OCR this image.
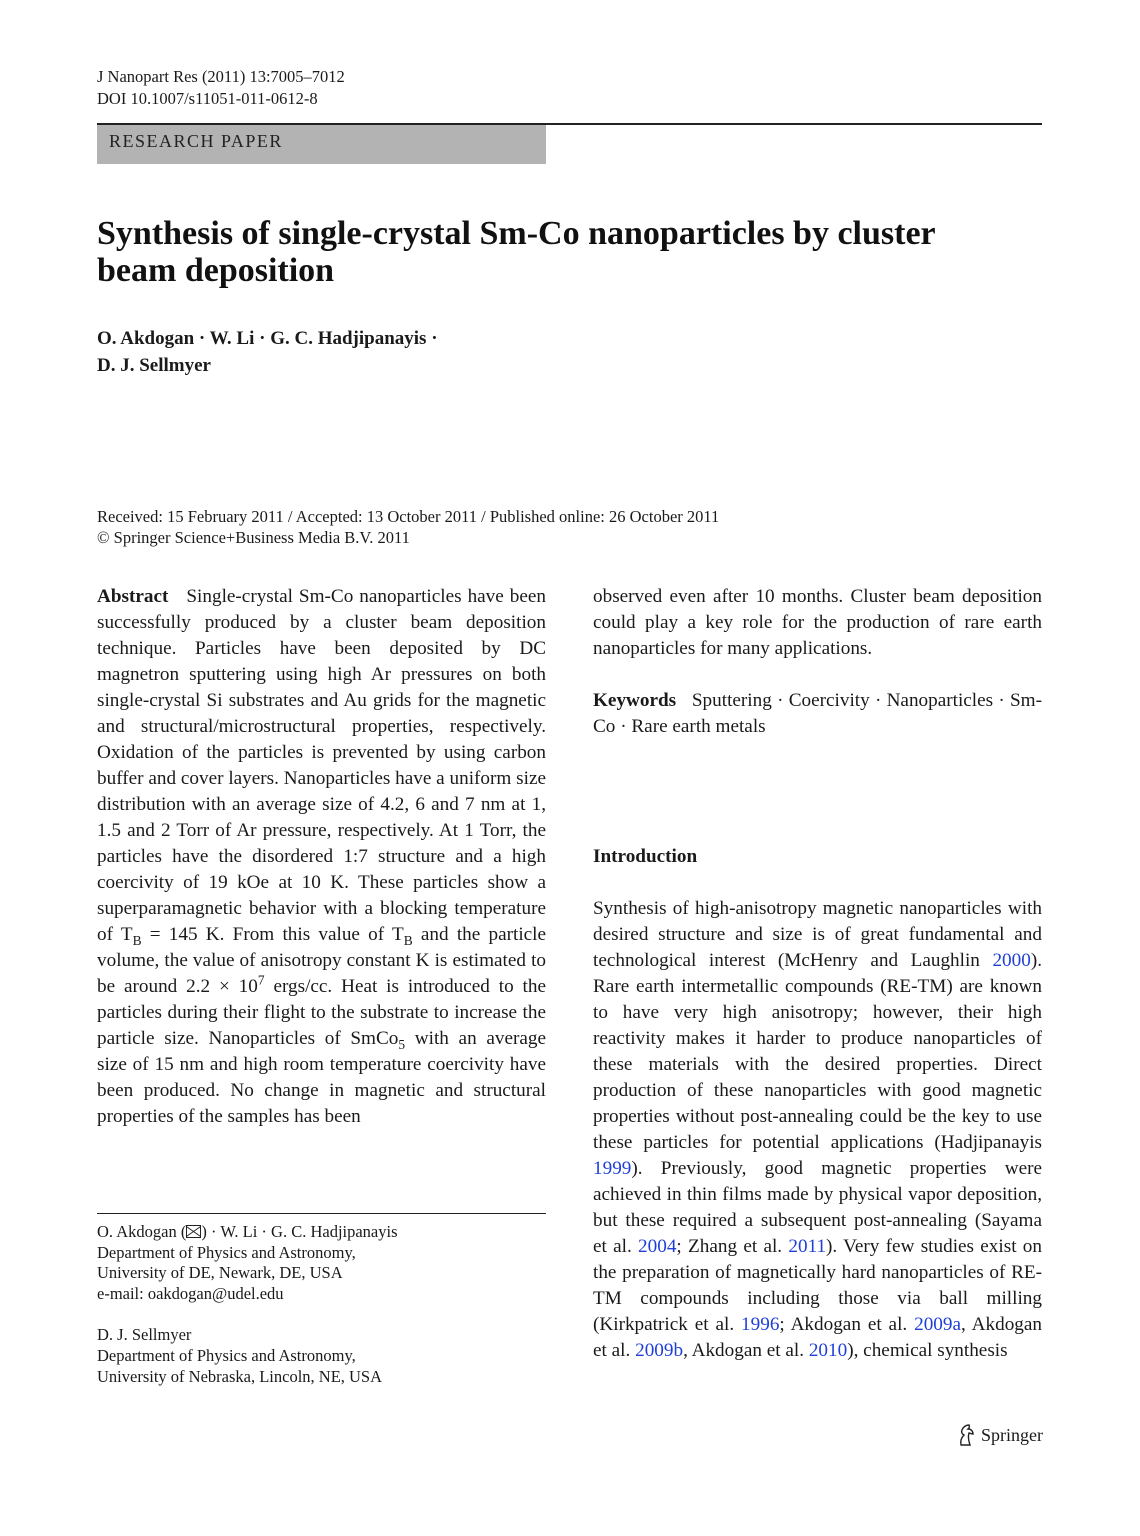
J Nanopart Res (2011) 13:7005–7012
DOI 10.1007/s11051-011-0612-8
RESEARCH PAPER
Synthesis of single-crystal Sm-Co nanoparticles by cluster beam deposition
O. Akdogan · W. Li · G. C. Hadjipanayis ·
D. J. Sellmyer
Received: 15 February 2011 / Accepted: 13 October 2011 / Published online: 26 October 2011
© Springer Science+Business Media B.V. 2011

Abstract Single-crystal Sm-Co nanoparticles have been successfully produced by a cluster beam deposition technique. Particles have been deposited by DC magnetron sputtering using high Ar pressures on both single-crystal Si substrates and Au grids for the magnetic and structural/microstructural properties, respectively. Oxidation of the particles is prevented by using carbon buffer and cover layers. Nanoparticles have a uniform size distribution with an average size of 4.2, 6 and 7 nm at 1, 1.5 and 2 Torr of Ar pressure, respectively. At 1 Torr, the particles have the disordered 1:7 structure and a high coercivity of 19 kOe at 10 K. These particles show a superparamagnetic behavior with a blocking temperature of $T_B = 145$ K. From this value of $T_B$ and the particle volume, the value of anisotropy constant K is estimated to be around $2.2 \times 10^7$ ergs/cc. Heat is introduced to the particles during their flight to the substrate to increase the particle size. Nanoparticles of SmCo$_5$ with an average size of 15 nm and high room temperature coercivity have been produced. No change in magnetic and structural properties of the samples has been

observed even after 10 months. Cluster beam deposition could play a key role for the production of rare earth nanoparticles for many applications.

Keywords Sputtering · Coercivity · Nanoparticles · Sm-Co · Rare earth metals

Introduction

Synthesis of high-anisotropy magnetic nanoparticles with desired structure and size is of great fundamental and technological interest (McHenry and Laughlin 2000). Rare earth intermetallic compounds (RE-TM) are known to have very high anisotropy; however, their high reactivity makes it harder to produce nanoparticles of these materials with the desired properties. Direct production of these nanoparticles with good magnetic properties without post-annealing could be the key to use these particles for potential applications (Hadjipanayis 1999). Previously, good magnetic properties were achieved in thin films made by physical vapor deposition, but these required a subsequent post-annealing (Sayama et al. 2004; Zhang et al. 2011). Very few studies exist on the preparation of magnetically hard nanoparticles of RE-TM compounds including those via ball milling (Kirkpatrick et al. 1996; Akdogan et al. 2009a, Akdogan et al. 2009b, Akdogan et al. 2010), chemical synthesis

O. Akdogan ( ) · W. Li · G. C. Hadjipanayis
Department of Physics and Astronomy,
University of DE, Newark, DE, USA
e-mail: oakdogan@udel.edu
D. J. Sellmyer
Department of Physics and Astronomy,
University of Nebraska, Lincoln, NE, USA
Springer
